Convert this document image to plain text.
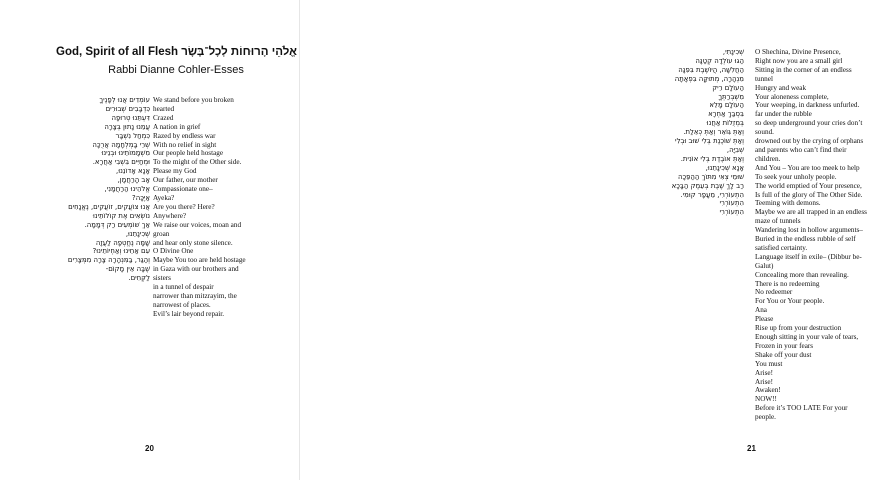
God, Spirit of all Flesh אֱלֹהֵי הָרוּחוֹת לְכָל־בָּשָׂר
Rabbi Dianne Cohler-Esses
עוֹמְדִים אֲנוּ לְפָנֶיךָ
כִּדְבָּבִים שְׁבוּרִים
דִּעְתֵּנוּ טְרוּפָה
עֲמֵנוּ נָתוּן בְּצָרָה
כִּמְחַל נִשְׁבָּר
שְׁרֵי בָּמְלְחָמָה אֲרֻכָּה
מִשְׁמָמוֹתֵינוּ וּבְנֵינוּ
וּמְחַיִּים בִּשְׁבִי אַחֲרָא.
אָנָא אָדוֹנֵנוּ,
אָב הָרַחֲמָן,
אֱלֹהֵינוּ הַרַחֲמָנִי,
אַיֶּכָּה?
אֲנוּ צוֹעֲקִים, זוֹעֲקִים, נֶאֱנָחִים
נוֹשְׂאִים אֶת קוֹלוֹתֵינוּ
אַךְ שׁוֹמְעִים רַק דְּמָמָה.
שְׁכִינָתֵנוּ,
שָׁמָּה נֶחֱטְפָה לַעֲזָה
עִם אַחֵינוּ וְאַחְיוֹתֵינוּ?
וְהַגַּר, בַּמִּנְהָרָה צָרָה מִמְּצָרִים
שֶׁבָּה אֵין מָקוֹם-
לַקְּחִים.
We stand before you broken
hearted
Crazed
A nation in grief
Razed by endless war
With no relief in sight
Our people held hostage
To the might of the Other side.
Please my God
Our father, our mother
Compassionate one–
Ayeka?
Are you there? Here?
Anywhere?
We raise our voices, moan and
groan
and hear only stone silence.
O Divine One
Maybe You too are held hostage
in Gaza with our brothers and
sisters
in a tunnel of despair
narrower than mitzrayim, the
narrowest of places.
Evil’s lair beyond repair.
20
שְׁכִינָתִי,
הַגּוּ עוֹלְדָה קְטַנָּה
הַחֲלִשָּׁה, הֲיוֹשֶׁבֶת בִּפִּנָּה
מִנְהָרָה, מְתוּקָּה בִּפְאָתָה
הַעוֹלָם רֵיק
מִשְׁבְּרַתְּךָ
הַעוֹלָם מָלֵא
בִּסְבַּךְ אַחְרָא
בְּמְזֻלוֹת אַחֲנוּ
וְאַתְּ גִּוֹאֵר וְאַתְּ כְּאֵלַת.
וְאַתְּ שׁוֹכֶנֶת בְּלִי שׁוּב וּבְלִי
שְׁבִיָּה,
וְאַתְּ אוֹבֶדֶת בְּלִי אוֹנִית.
אָנָא שְׁכִינָתֵנוּ,
שׁוּמֵי צְאִי מִתּוֹךְ הַהַפֵּכָה
רַב לָךְ שֶׁבֶת בְּעֵמֶק הַבָּכָא
הִתְעוֹרְרִי, מֵעָפָר קוּמִי.
הִתְעוֹרְרִי
הִתְעוֹרְרִי
O Shechina, Divine Presence,
Right now you are a small girl
Sitting in the corner of an endless
tunnel
Hungry and weak
Your aloneness complete,
Your weeping, in darkness unfurled.
far under the rubble
so deep underground your cries don’t
sound.
drowned out by the crying of orphans
and parents who can’t find their
children.
And You – You are too meek to help
To seek your unholy people.
The world emptied of Your presence,
Is full of the glory of The Other Side.
Teeming with demons.
Maybe we are all trapped in an endless
maze of tunnels
Wandering lost in hollow arguments–
Buried in the endless rubble of self
satisfied certainty.
Language itself in exile– (Dibbur be-
Galut)
Concealing more than revealing.
There is no redeeming
No redeemer
For You or Your people.
Ana
Please
Rise up from your destruction
Enough sitting in your vale of tears,
Frozen in your fears
Shake off your dust
You must
Arise!
Arise!
Awaken!
NOW!!
Before it’s TOO LATE For your
people.
21
